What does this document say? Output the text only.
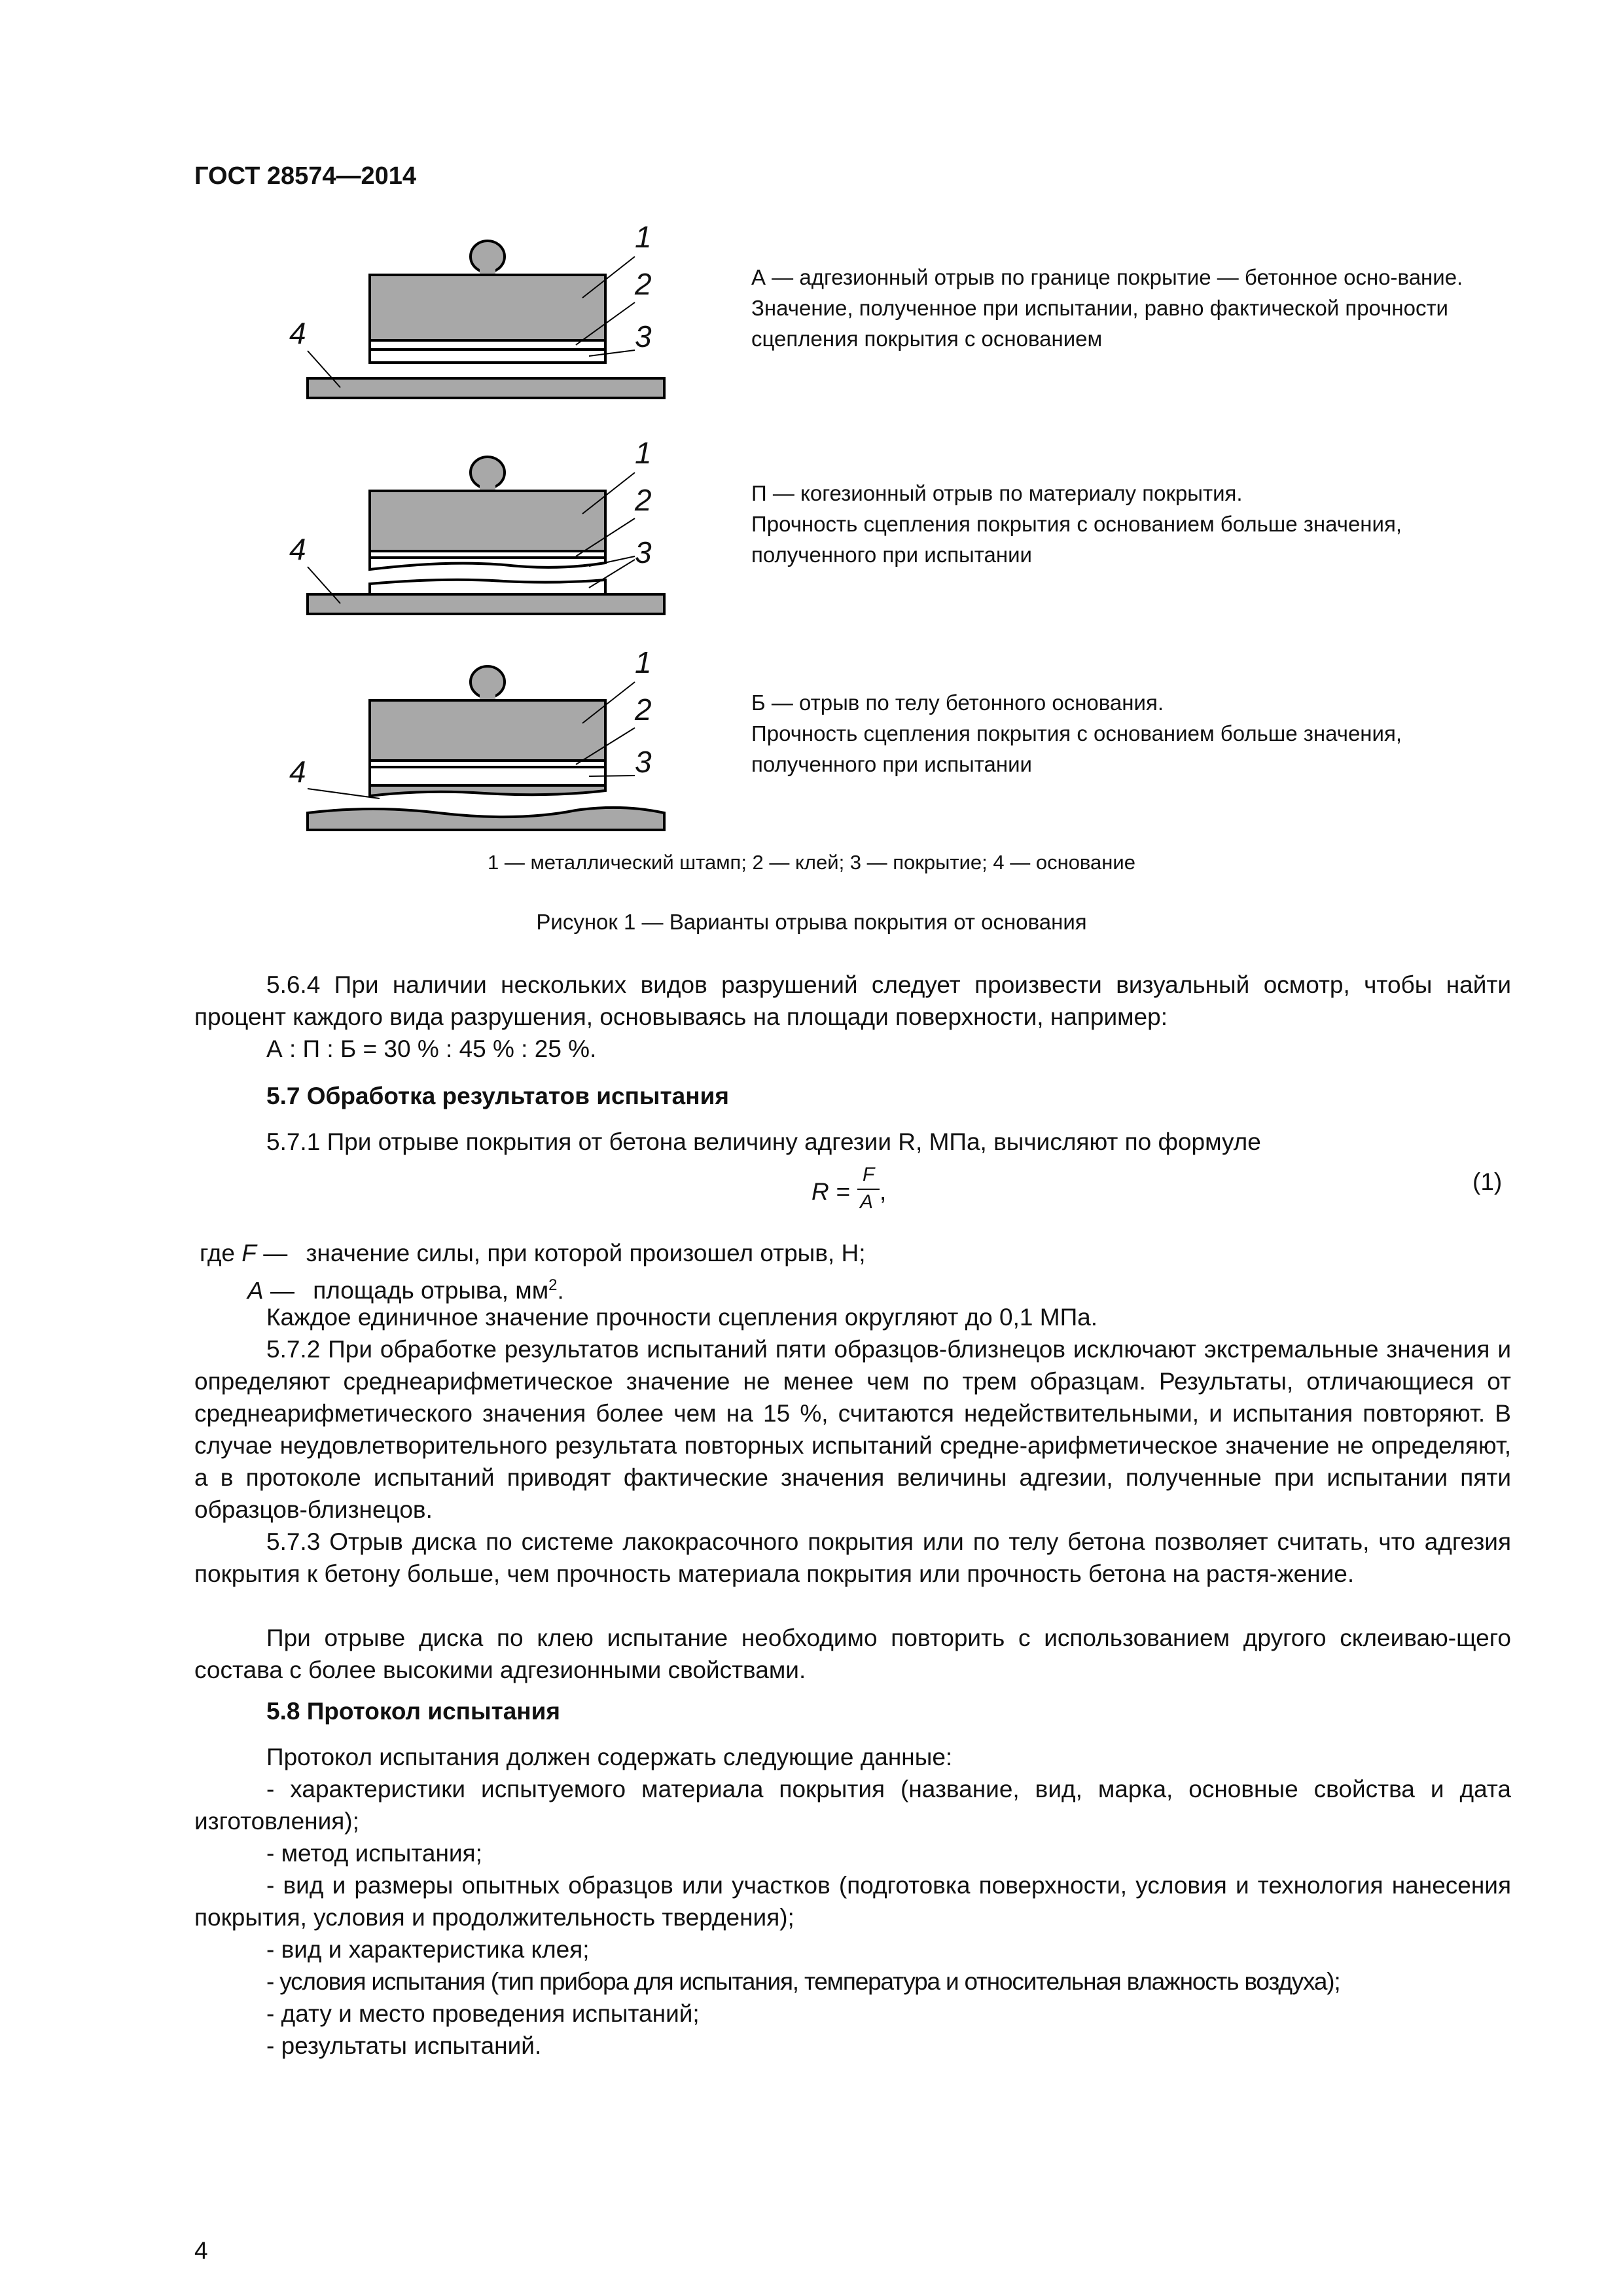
ГОСТ 28574—2014
1
2
3
4
1
2
3
4
1
2
3
4
А — адгезионный отрыв по границе покрытие — бетонное осно-вание.
Значение, полученное при испытании, равно фактической прочности сцепления покрытия с основанием
П — когезионный отрыв по материалу покрытия.
Прочность сцепления покрытия с основанием больше значения, полученного при испытании
Б — отрыв по телу бетонного основания.
Прочность сцепления покрытия с основанием больше значения, полученного при испытании
1 — металлический штамп; 2 — клей; 3 — покрытие; 4 — основание
Рисунок 1 — Варианты отрыва покрытия от основания
5.6.4 При наличии нескольких видов разрушений следует произвести визуальный осмотр, чтобы найти процент каждого вида разрушения, основываясь на площади поверхности, например:
А : П : Б = 30 % : 45 % : 25 %.
5.7 Обработка результатов испытания
5.7.1 При отрыве покрытия от бетона величину адгезии R, МПа, вычисляют по формуле
R =
F
A ,	(1)
где F — значение силы, при которой произошел отрыв, Н;
A — площадь отрыва, $мм^2$.
Каждое единичное значение прочности сцепления округляют до 0,1 МПа.
5.7.2 При обработке результатов испытаний пяти образцов-близнецов исключают экстремальные значения и определяют среднеарифметическое значение не менее чем по трем образцам. Результаты, отличающиеся от среднеарифметического значения более чем на 15 %, считаются недействительными, и испытания повторяют. В случае неудовлетворительного результата повторных испытаний средне-арифметическое значение не определяют, а в протоколе испытаний приводят фактические значения величины адгезии, полученные при испытании пяти образцов-близнецов.
5.7.3 Отрыв диска по системе лакокрасочного покрытия или по телу бетона позволяет считать, что адгезия покрытия к бетону больше, чем прочность материала покрытия или прочность бетона на растя-жение.
При отрыве диска по клею испытание необходимо повторить с использованием другого склеиваю-щего состава с более высокими адгезионными свойствами.
5.8 Протокол испытания
Протокол испытания должен содержать следующие данные:
- характеристики испытуемого материала покрытия (название, вид, марка, основные свойства и дата изготовления);
- метод испытания;
- вид и размеры опытных образцов или участков (подготовка поверхности, условия и технология нанесения покрытия, условия и продолжительность твердения);
- вид и характеристика клея;
- условия испытания (тип прибора для испытания, температура и относительная влажность воздуха);
- дату и место проведения испытаний;
- результаты испытаний.
4
